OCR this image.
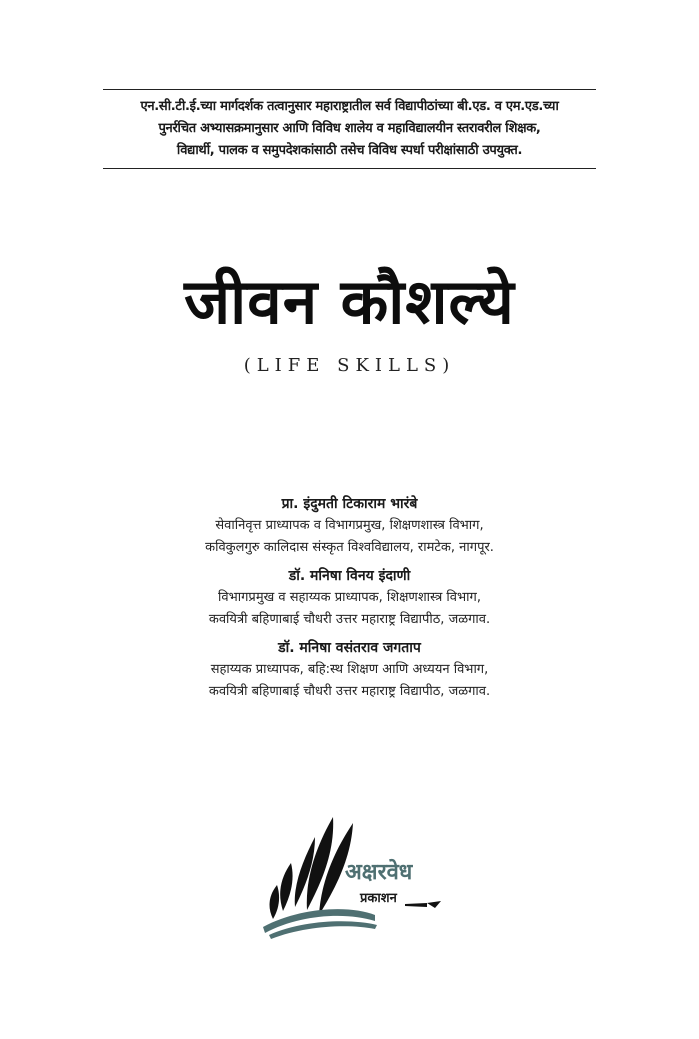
एन.सी.टी.ई.च्या मार्गदर्शक तत्वानुसार महाराष्ट्रातील सर्व विद्यापीठांच्या बी.एड. व एम.एड.च्या
पुनर्रचित अभ्यासक्रमानुसार आणि विविध शालेय व महाविद्यालयीन स्तरावरील शिक्षक,
विद्यार्थी, पालक व समुपदेशकांसाठी तसेच विविध स्पर्धा परीक्षांसाठी उपयुक्त.
जीवन कौशल्ये
(LIFE SKILLS)
प्रा. इंदुमती टिकाराम भारंबे
सेवानिवृत्त प्राध्यापक व विभागप्रमुख, शिक्षणशास्त्र विभाग,
कविकुलगुरु कालिदास संस्कृत विश्वविद्यालय, रामटेक, नागपूर.
डॉ. मनिषा विनय इंदाणी
विभागप्रमुख व सहाय्यक प्राध्यापक, शिक्षणशास्त्र विभाग,
कवयित्री बहिणाबाई चौधरी उत्तर महाराष्ट्र विद्यापीठ, जळगाव.
डॉ. मनिषा वसंतराव जगताप
सहाय्यक प्राध्यापक, बहि:स्थ शिक्षण आणि अध्ययन विभाग,
कवयित्री बहिणाबाई चौधरी उत्तर महाराष्ट्र विद्यापीठ, जळगाव.
अक्षरवेध
प्रकाशन
